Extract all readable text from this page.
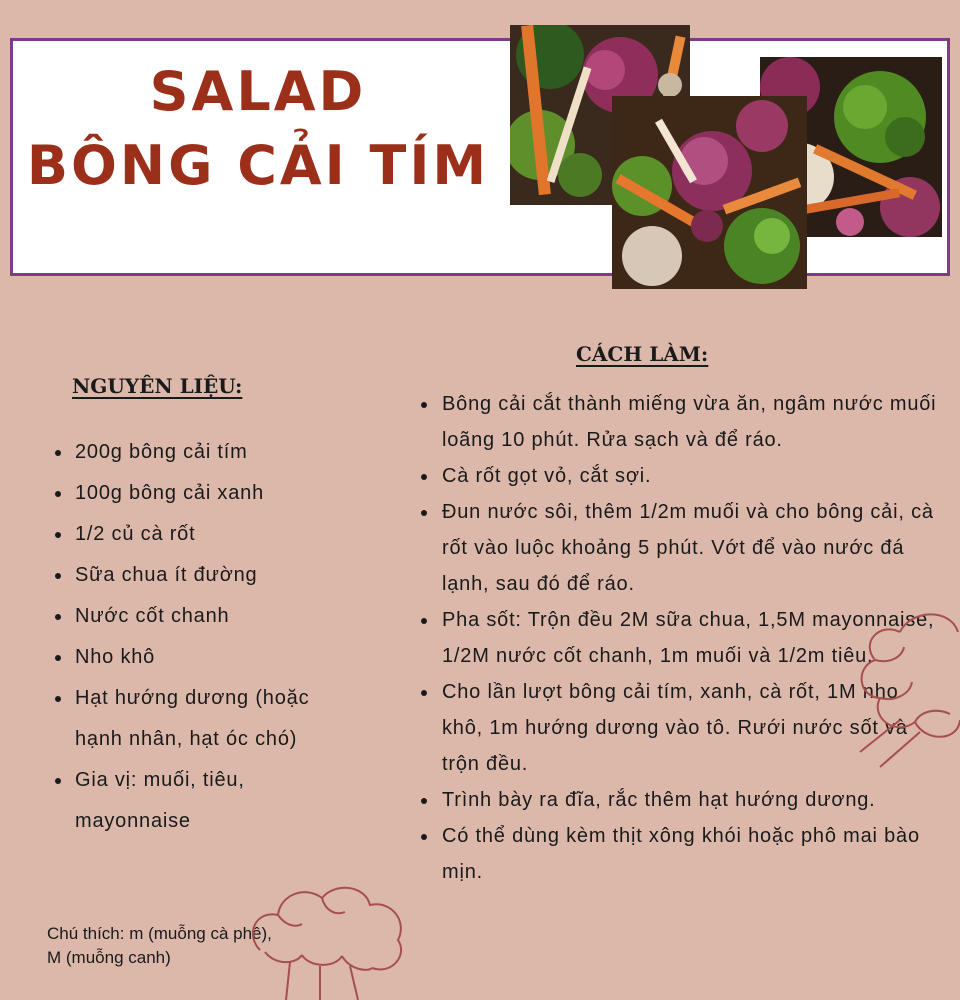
SALAD
BÔNG CẢI TÍM
NGUYÊN LIỆU:
200g bông cải tím
100g bông cải xanh
1/2 củ cà rốt
Sữa chua ít đường
Nước cốt chanh
Nho khô
Hạt hướng dương (hoặc hạnh nhân, hạt óc chó)
Gia vị: muối, tiêu, mayonnaise
CÁCH LÀM:
Bông cải cắt thành miếng vừa ăn, ngâm nước muối loãng 10 phút. Rửa sạch và để ráo.
Cà rốt gọt vỏ, cắt sợi.
Đun nước sôi, thêm 1/2m muối và cho bông cải, cà rốt vào luộc khoảng 5 phút. Vớt để vào nước đá lạnh, sau đó để ráo.
Pha sốt: Trộn đều 2M sữa chua, 1,5M mayonnaise, 1/2M nước cốt chanh, 1m muối và 1/2m tiêu.
Cho lần lượt bông cải tím, xanh, cà rốt, 1M nho khô, 1m hướng dương vào tô. Rưới nước sốt và trộn đều.
Trình bày ra đĩa, rắc thêm hạt hướng dương.
Có thể dùng kèm thịt xông khói hoặc phô mai bào mịn.
Chú thích: m (muỗng cà phê), M (muỗng canh)
